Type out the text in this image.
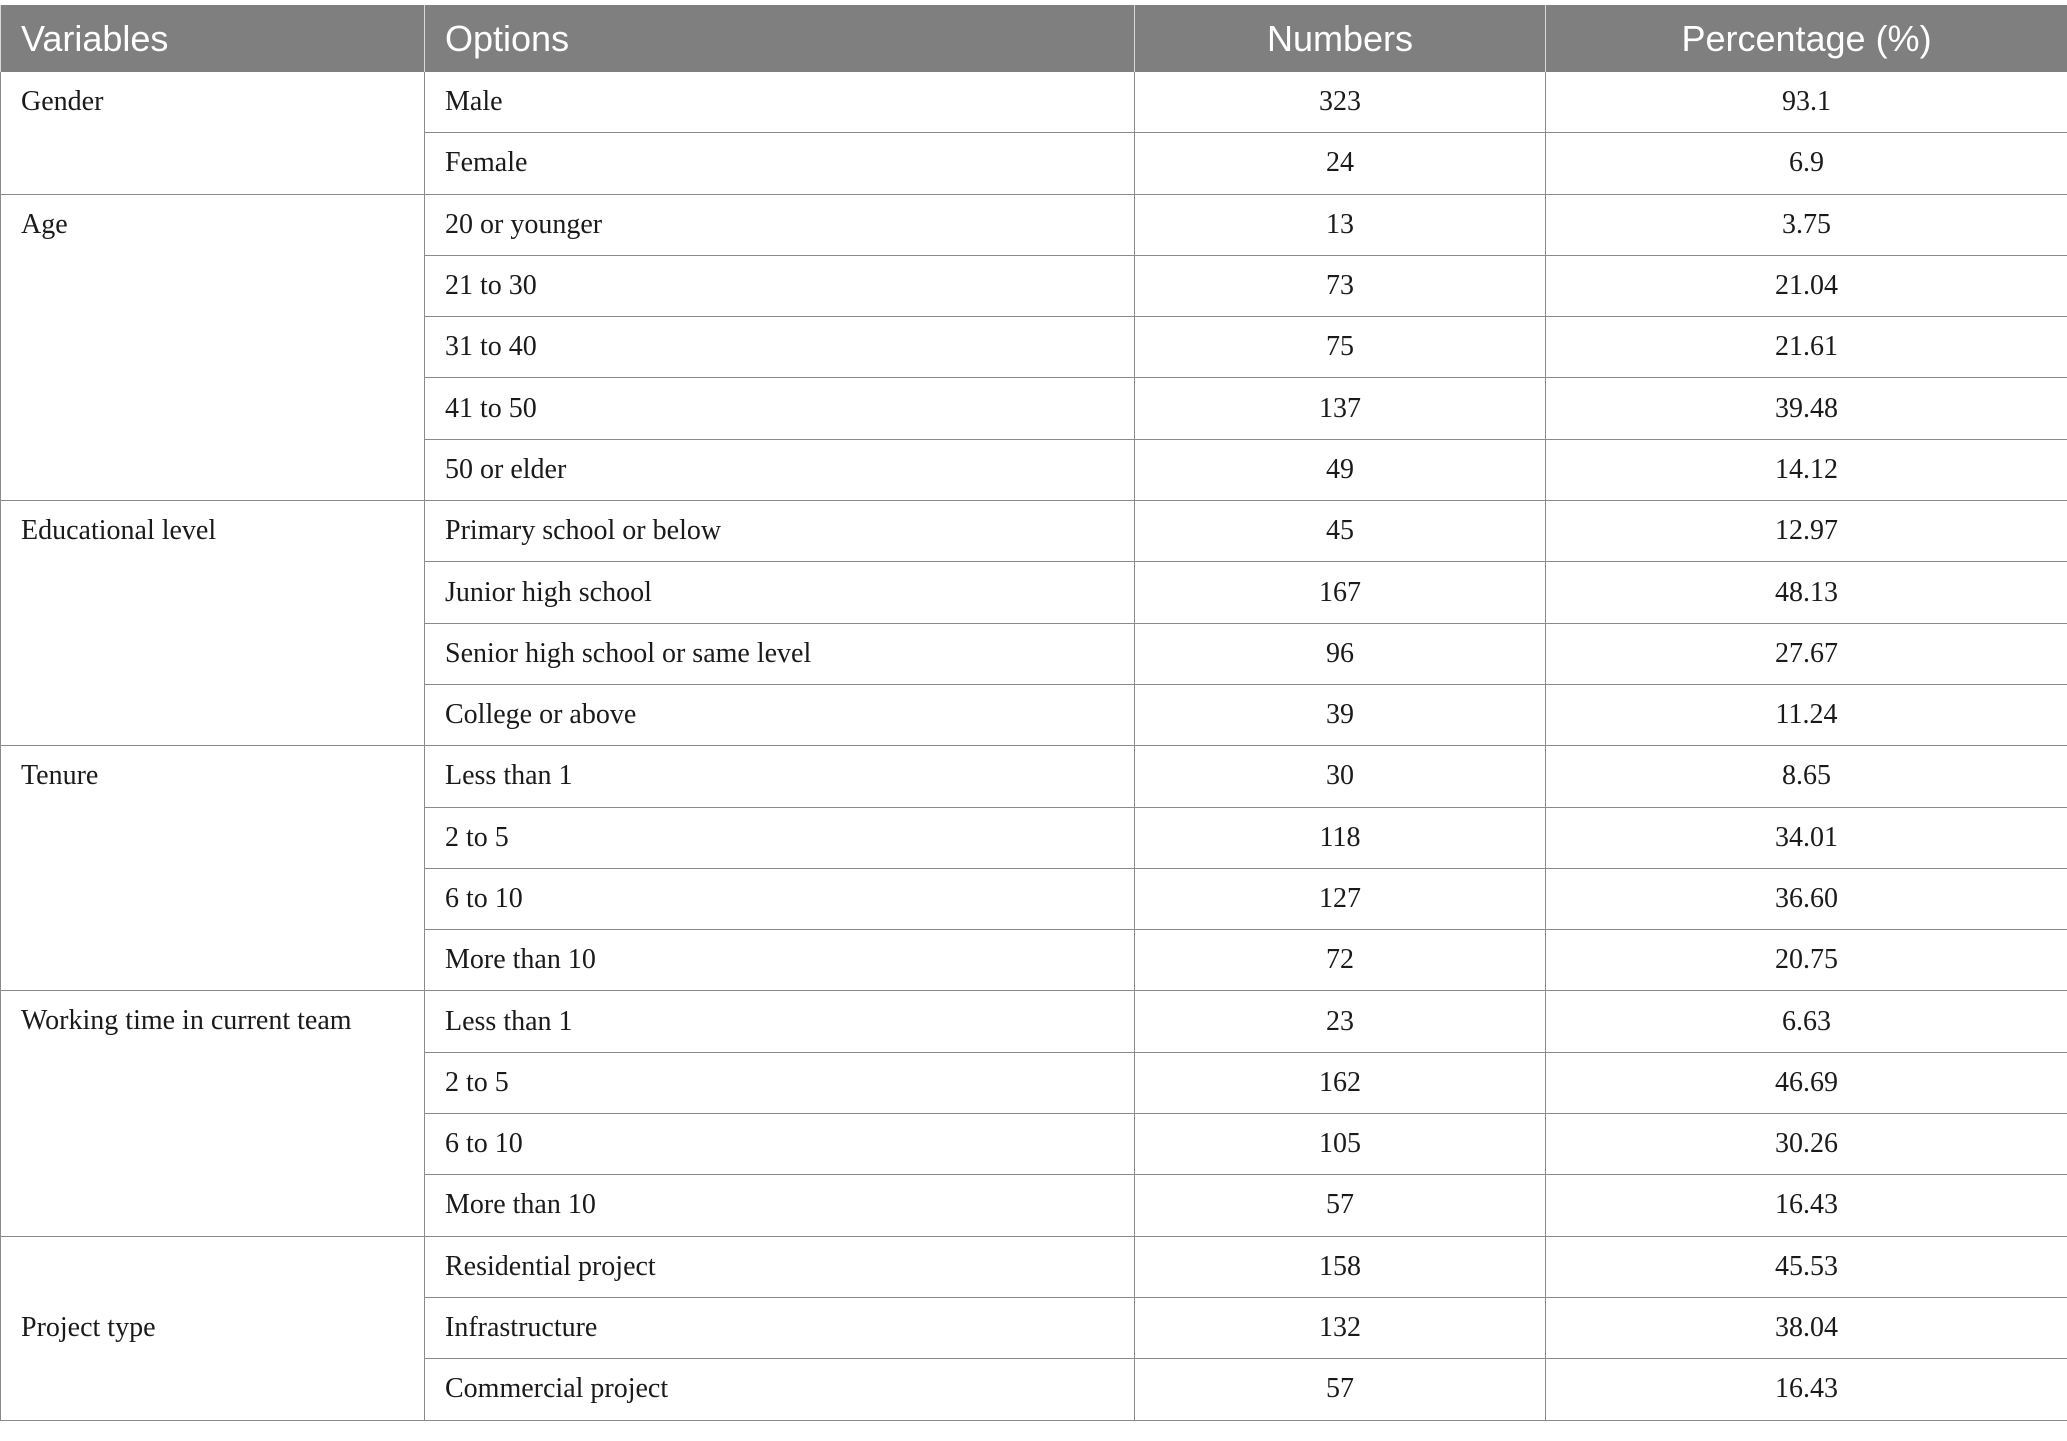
Variables	Options	Numbers	Percentage (%)
Gender	Male	323	93.1
	Female	24	6.9
Age	20 or younger	13	3.75
	21 to 30	73	21.04
	31 to 40	75	21.61
	41 to 50	137	39.48
	50 or elder	49	14.12
Educational level	Primary school or below	45	12.97
	Junior high school	167	48.13
	Senior high school or same level	96	27.67
	College or above	39	11.24
Tenure	Less than 1	30	8.65
	2 to 5	118	34.01
	6 to 10	127	36.60
	More than 10	72	20.75
Working time in current team	Less than 1	23	6.63
	2 to 5	162	46.69
	6 to 10	105	30.26
	More than 10	57	16.43
Project type	Residential project	158	45.53
	Infrastructure	132	38.04
	Commercial project	57	16.43
